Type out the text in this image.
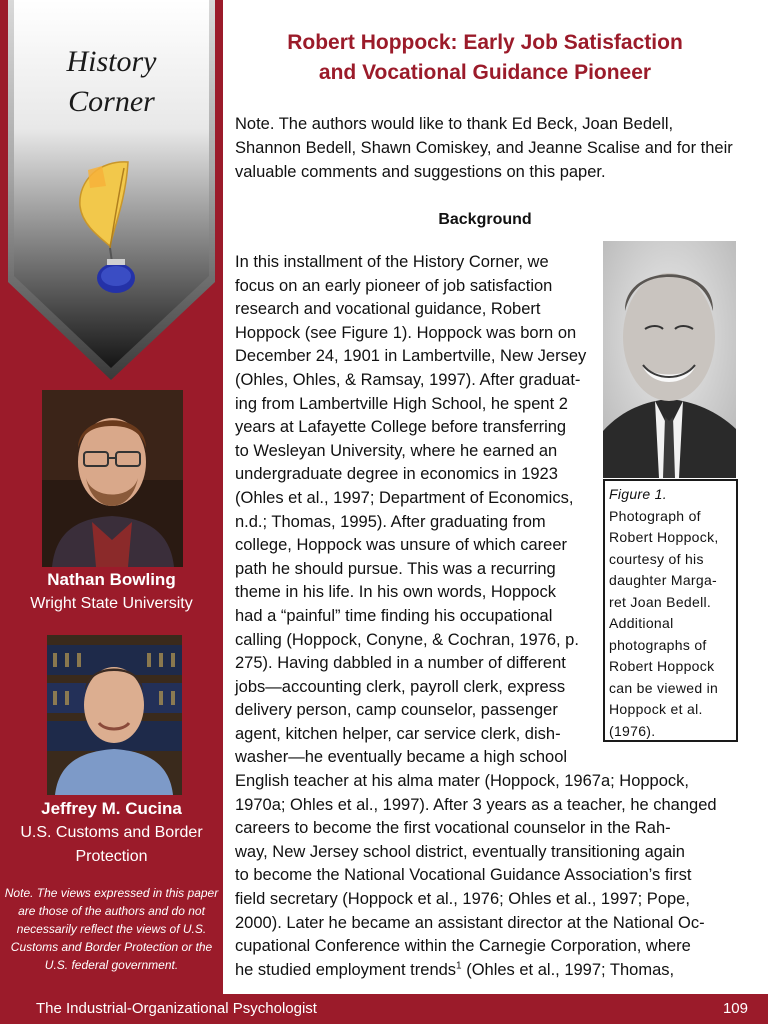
History
Corner
Nathan Bowling
Wright State University
Jeffrey M. Cucina
U.S. Customs and Border
Protection
Note. The views expressed in this paper
are those of the authors and do not
necessarily reflect the views of U.S.
Customs and Border Protection or the
U.S. federal government.
Robert Hoppock: Early Job Satisfaction
and Vocational Guidance Pioneer

Note. The authors would like to thank Ed Beck, Joan Bedell, Shannon Bedell, Shawn Comiskey, and Jeanne Scalise and for their valuable comments and suggestions on this paper.

Background
In this installment of the History Corner, we
focus on an early pioneer of job satisfaction
research and vocational guidance, Robert
Hoppock (see Figure 1). Hoppock was born on
December 24, 1901 in Lambertville, New Jersey
(Ohles, Ohles, & Ramsay, 1997). After graduat-
ing from Lambertville High School, he spent 2
years at Lafayette College before transferring
to Wesleyan University, where he earned an
undergraduate degree in economics in 1923
(Ohles et al., 1997; Department of Economics,
n.d.; Thomas, 1995). After graduating from
college, Hoppock was unsure of which career
path he should pursue. This was a recurring
theme in his life. In his own words, Hoppock
had a “painful” time finding his occupational
calling (Hoppock, Conyne, & Cochran, 1976, p.
275). Having dabbled in a number of different
jobs—accounting clerk, payroll clerk, express
delivery person, camp counselor, passenger
agent, kitchen helper, car service clerk, dish-
washer—he eventually became a high school
English teacher at his alma mater (Hoppock, 1967a; Hoppock,
1970a; Ohles et al., 1997). After 3 years as a teacher, he changed
careers to become the first vocational counselor in the Rah-
way, New Jersey school district, eventually transitioning again
to become the National Vocational Guidance Association’s first
field secretary (Hoppock et al., 1976; Ohles et al., 1997; Pope,
2000). Later he became an assistant director at the National Oc-
cupational Conference within the Carnegie Corporation, where
he studied employment trends$^1$ (Ohles et al., 1997; Thomas,
Figure 1.
Photograph of
Robert Hoppock,
courtesy of his
daughter Marga-
ret Joan Bedell.
Additional
photographs of
Robert Hoppock
can be viewed in
Hoppock et al.
(1976).
The Industrial-Organizational Psychologist	109
